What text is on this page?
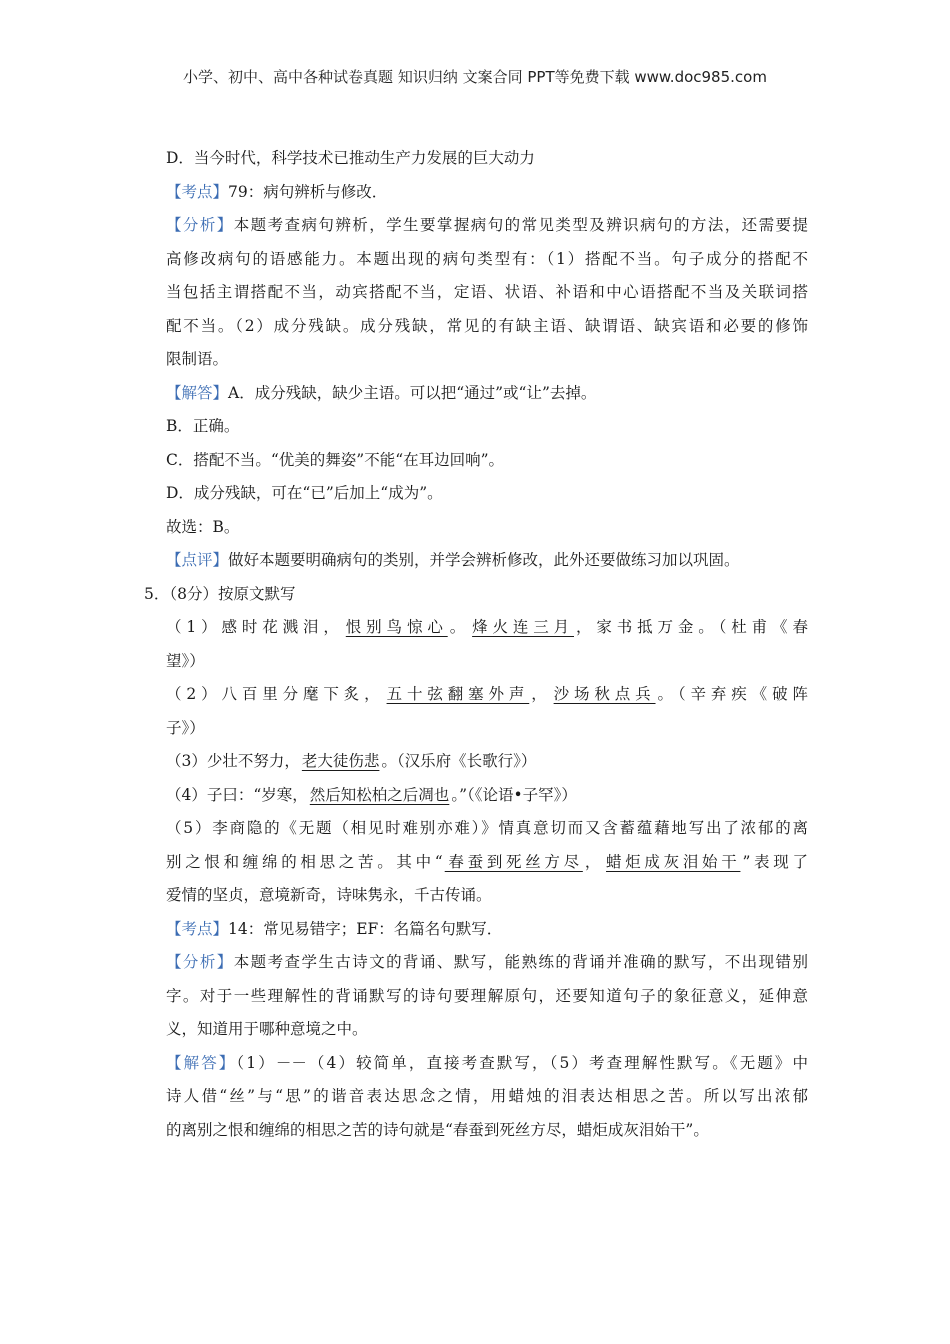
小学、初中、高中各种试卷真题 知识归纳 文案合同 PPT等免费下载 www.doc985.com
D．当今时代，科学技术已推动生产力发展的巨大动力
【考点】79：病句辨析与修改．
【分析】本题考查病句辨析，学生要掌握病句的常见类型及辨识病句的方法，还需要提
高修改病句的语感能力。本题出现的病句类型有：（1）搭配不当。句子成分的搭配不
当包括主谓搭配不当，动宾搭配不当，定语、状语、补语和中心语搭配不当及关联词搭
配不当。（2）成分残缺。成分残缺，常见的有缺主语、缺谓语、缺宾语和必要的修饰
限制语。
【解答】A．成分残缺，缺少主语。可以把“通过”或“让”去掉。
B．正确。
C．搭配不当。“优美的舞姿”不能“在耳边回响”。
D．成分残缺，可在“已”后加上“成为”。
故选：B。
【点评】做好本题要明确病句的类别，并学会辨析修改，此外还要做练习加以巩固。
5．（8分）按原文默写
（1）感时花溅泪， 恨别鸟惊心 。 烽火连三月 ，家书抵万金。（杜甫《春
望》）
（2）八百里分麾下炙， 五十弦翻塞外声 ， 沙场秋点兵 。（辛弃疾《破阵
子》）
（3）少壮不努力， 老大徒伤悲 。（汉乐府《长歌行》）
（4）子曰：“岁寒， 然后知松柏之后凋也 。”（《论语•子罕》）
（5）李商隐的《无题（相见时难别亦难）》情真意切而又含蓄蕴藉地写出了浓郁的离
别之恨和缠绵的相思之苦。其中“ 春蚕到死丝方尽 ， 蜡炬成灰泪始干 ”表现了
爱情的坚贞，意境新奇，诗味隽永，千古传诵。
【考点】14：常见易错字；EF：名篇名句默写．
【分析】本题考查学生古诗文的背诵、默写，能熟练的背诵并准确的默写，不出现错别
字。对于一些理解性的背诵默写的诗句要理解原句，还要知道句子的象征意义，延伸意
义，知道用于哪种意境之中。
【解答】（1）－－（4）较简单，直接考查默写，（5）考查理解性默写。《无题》中
诗人借“丝”与“思”的谐音表达思念之情，用蜡烛的泪表达相思之苦。所以写出浓郁
的离别之恨和缠绵的相思之苦的诗句就是“春蚕到死丝方尽，蜡炬成灰泪始干”。
